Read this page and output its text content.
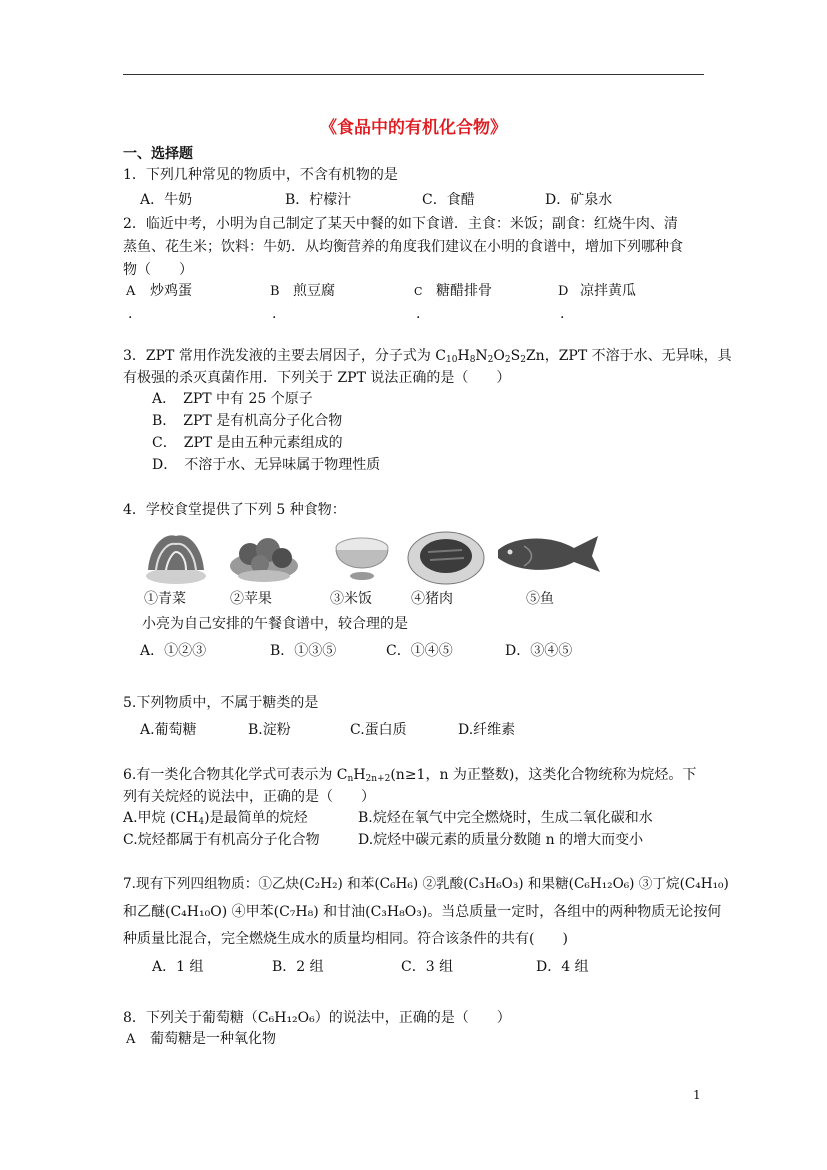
《食品中的有机化合物》
一、选择题
1．下列几种常见的物质中，不含有机物的是
A．牛奶	B．柠檬汁	C．食醋	D．矿泉水
2．临近中考，小明为自己制定了某天中餐的如下食谱．主食：米饭；副食：红烧牛肉、清
蒸鱼、花生米；饮料：牛奶．从均衡营养的角度我们建议在小明的食谱中，增加下列哪种食
物（　　）
A 炒鸡蛋
.
B 煎豆腐
.
C 糖醋排骨
.
D 凉拌黄瓜
.
3．ZPT 常用作洗发液的主要去屑因子，分子式为 $C_{10}H_8N_2O_2S_2Zn$，ZPT 不溶于水、无异味，具
有极强的杀灭真菌作用．下列关于 ZPT 说法正确的是（　　）
A．　ZPT 中有 25 个原子
B．　ZPT 是有机高分子化合物
C．　ZPT 是由五种元素组成的
D．　不溶于水、无异味属于物理性质
4．学校食堂提供了下列 5 种食物：
①青菜	②苹果	③米饭	④猪肉	⑤鱼
小亮为自己安排的午餐食谱中，较合理的是
A．①②③	B．①③⑤	C．①④⑤	D．③④⑤
5.下列物质中，不属于糖类的是
A.葡萄糖	B.淀粉	C.蛋白质	D.纤维素
6.有一类化合物其化学式可表示为 $C_nH_{2n+2}(n\ge 1$，n 为正整数)，这类化合物统称为烷烃。下
列有关烷烃的说法中，正确的是（　　）
A.甲烷 $(CH_4)$是最简单的烷烃	B.烷烃在氧气中完全燃烧时，生成二氧化碳和水
C.烷烃都属于有机高分子化合物	D.烷烃中碳元素的质量分数随 n 的增大而变小
7.现有下列四组物质：①乙炔(C₂H₂) 和苯(C₆H₆) ②乳酸(C₃H₆O₃) 和果糖(C₆H₁₂O₆) ③丁烷(C₄H₁₀)
和乙醚(C₄H₁₀O) ④甲苯(C₇H₈) 和甘油(C₃H₈O₃)。当总质量一定时，各组中的两种物质无论按何
种质量比混合，完全燃烧生成水的质量均相同。符合该条件的共有(　　)
A．1 组	B．2 组	C．3 组	D．4 组
8．下列关于葡萄糖（C₆H₁₂O₆）的说法中，正确的是（　　）
A 葡萄糖是一种氧化物
1
